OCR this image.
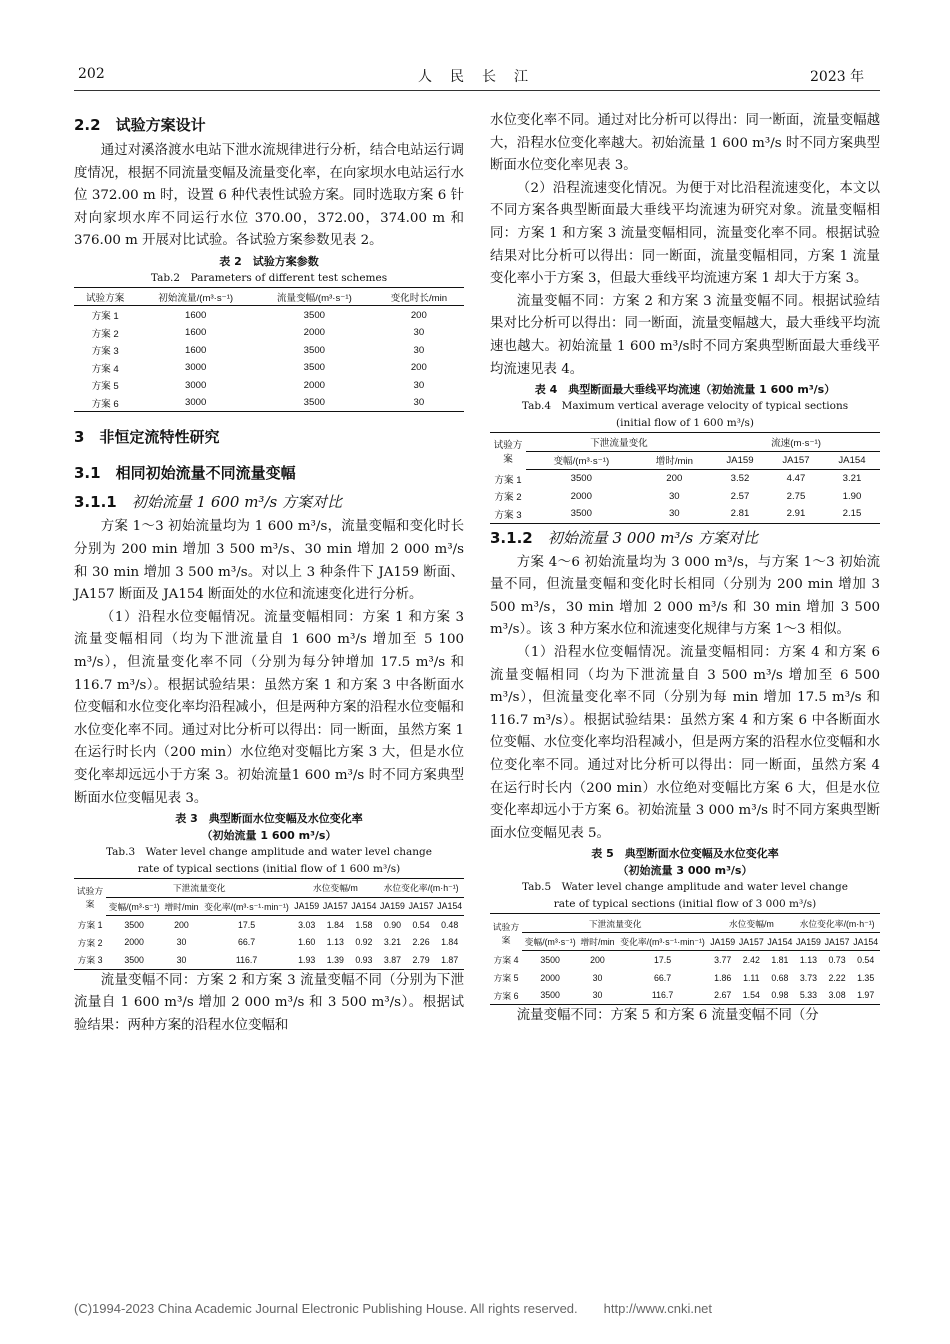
202	人　民　长　江	2023 年
2.2　试验方案设计

通过对溪洛渡水电站下泄水流规律进行分析，结合电站运行调度情况，根据不同流量变幅及流量变化率，在向家坝水电站运行水位 372.00 m 时，设置 6 种代表性试验方案。同时选取方案 6 针对向家坝水库不同运行水位 370.00，372.00，374.00 m 和 376.00 m 开展对比试验。各试验方案参数见表 2。

表 2　试验方案参数
Tab.2　Parameters of different test schemes
试验方案	初始流量/(m³·s⁻¹)	流量变幅/(m³·s⁻¹)	变化时长/min
方案 1	1600	3500	200
方案 2	1600	2000	30
方案 3	1600	3500	30
方案 4	3000	3500	200
方案 5	3000	2000	30
方案 6	3000	3500	30
3　非恒定流特性研究
3.1　相同初始流量不同流量变幅
3.1.1　 初始流量 1 600 m³/s 方案对比

方案 1～3 初始流量均为 1 600 m³/s，流量变幅和变化时长分别为 200 min 增加 3 500 m³/s、30 min 增加 2 000 m³/s 和 30 min 增加 3 500 m³/s。对以上 3 种条件下 JA159 断面、JA157 断面及 JA154 断面处的水位和流速变化进行分析。

（1）沿程水位变幅情况。流量变幅相同：方案 1 和方案 3 流量变幅相同（均为下泄流量自 1 600 m³/s 增加至 5 100 m³/s），但流量变化率不同（分别为每分钟增加 17.5 m³/s 和 116.7 m³/s）。根据试验结果：虽然方案 1 和方案 3 中各断面水位变幅和水位变化率均沿程减小，但是两种方案的沿程水位变幅和水位变化率不同。通过对比分析可以得出：同一断面，虽然方案 1 在运行时长内（200 min）水位绝对变幅比方案 3 大，但是水位变化率却远远小于方案 3。初始流量1 600 m³/s 时不同方案典型断面水位变幅见表 3。

表 3　典型断面水位变幅及水位变化率
（初始流量 1 600 m³/s）
Tab.3　Water level change amplitude and water level change
rate of typical sections (initial flow of 1 600 m³/s)
试验方案	下泄流量变化			水位变幅/m			水位变化率/(m·h⁻¹)		
	变幅/(m³·s⁻¹)	增时/min	变化率/(m³·s⁻¹·min⁻¹)	JA159	JA157	JA154	JA159	JA157	JA154
方案 1	3500	200	17.5	3.03	1.84	1.58	0.90	0.54	0.48
方案 2	2000	30	66.7	1.60	1.13	0.92	3.21	2.26	1.84
方案 3	3500	30	116.7	1.93	1.39	0.93	3.87	2.79	1.87

流量变幅不同：方案 2 和方案 3 流量变幅不同（分别为下泄流量自 1 600 m³/s 增加 2 000 m³/s 和 3 500 m³/s）。根据试验结果：两种方案的沿程水位变幅和

水位变化率不同。通过对比分析可以得出：同一断面，流量变幅越大，沿程水位变化率越大。初始流量 1 600 m³/s 时不同方案典型断面水位变化率见表 3。

（2）沿程流速变化情况。为便于对比沿程流速变化，本文以不同方案各典型断面最大垂线平均流速为研究对象。流量变幅相同：方案 1 和方案 3 流量变幅相同，流量变化率不同。根据试验结果对比分析可以得出：同一断面，流量变幅相同，方案 1 流量变化率小于方案 3，但最大垂线平均流速方案 1 却大于方案 3。

流量变幅不同：方案 2 和方案 3 流量变幅不同。根据试验结果对比分析可以得出：同一断面，流量变幅越大，最大垂线平均流速也越大。初始流量 1 600 m³/s时不同方案典型断面最大垂线平均流速见表 4。

表 4　典型断面最大垂线平均流速（初始流量 1 600 m³/s）
Tab.4　Maximum vertical average velocity of typical sections
(initial flow of 1 600 m³/s)
试验方案	下泄流量变化		流速(m·s⁻¹)		
	变幅/(m³·s⁻¹)	增时/min	JA159	JA157	JA154
方案 1	3500	200	3.52	4.47	3.21
方案 2	2000	30	2.57	2.75	1.90
方案 3	3500	30	2.81	2.91	2.15
3.1.2　 初始流量 3 000 m³/s 方案对比

方案 4～6 初始流量均为 3 000 m³/s，与方案 1～3 初始流量不同，但流量变幅和变化时长相同（分别为 200 min 增加 3 500 m³/s，30 min 增加 2 000 m³/s 和 30 min 增加 3 500 m³/s）。该 3 种方案水位和流速变化规律与方案 1～3 相似。

（1）沿程水位变幅情况。流量变幅相同：方案 4 和方案 6 流量变幅相同（均为下泄流量自 3 500 m³/s 增加至 6 500 m³/s），但流量变化率不同（分别为每 min 增加 17.5 m³/s 和 116.7 m³/s）。根据试验结果：虽然方案 4 和方案 6 中各断面水位变幅、水位变化率均沿程减小，但是两方案的沿程水位变幅和水位变化率不同。通过对比分析可以得出：同一断面，虽然方案 4 在运行时长内（200 min）水位绝对变幅比方案 6 大，但是水位变化率却远小于方案 6。初始流量 3 000 m³/s 时不同方案典型断面水位变幅见表 5。

表 5　典型断面水位变幅及水位变化率
（初始流量 3 000 m³/s）
Tab.5　Water level change amplitude and water level change
rate of typical sections (initial flow of 3 000 m³/s)
试验方案	下泄流量变化			水位变幅/m			水位变化率/(m·h⁻¹)		
	变幅/(m³·s⁻¹)	增时/min	变化率/(m³·s⁻¹·min⁻¹)	JA159	JA157	JA154	JA159	JA157	JA154
方案 4	3500	200	17.5	3.77	2.42	1.81	1.13	0.73	0.54
方案 5	2000	30	66.7	1.86	1.11	0.68	3.73	2.22	1.35
方案 6	3500	30	116.7	2.67	1.54	0.98	5.33	3.08	1.97

流量变幅不同：方案 5 和方案 6 流量变幅不同（分

(C)1994-2023 China Academic Journal Electronic Publishing House. All rights reserved.　　http://www.cnki.net
